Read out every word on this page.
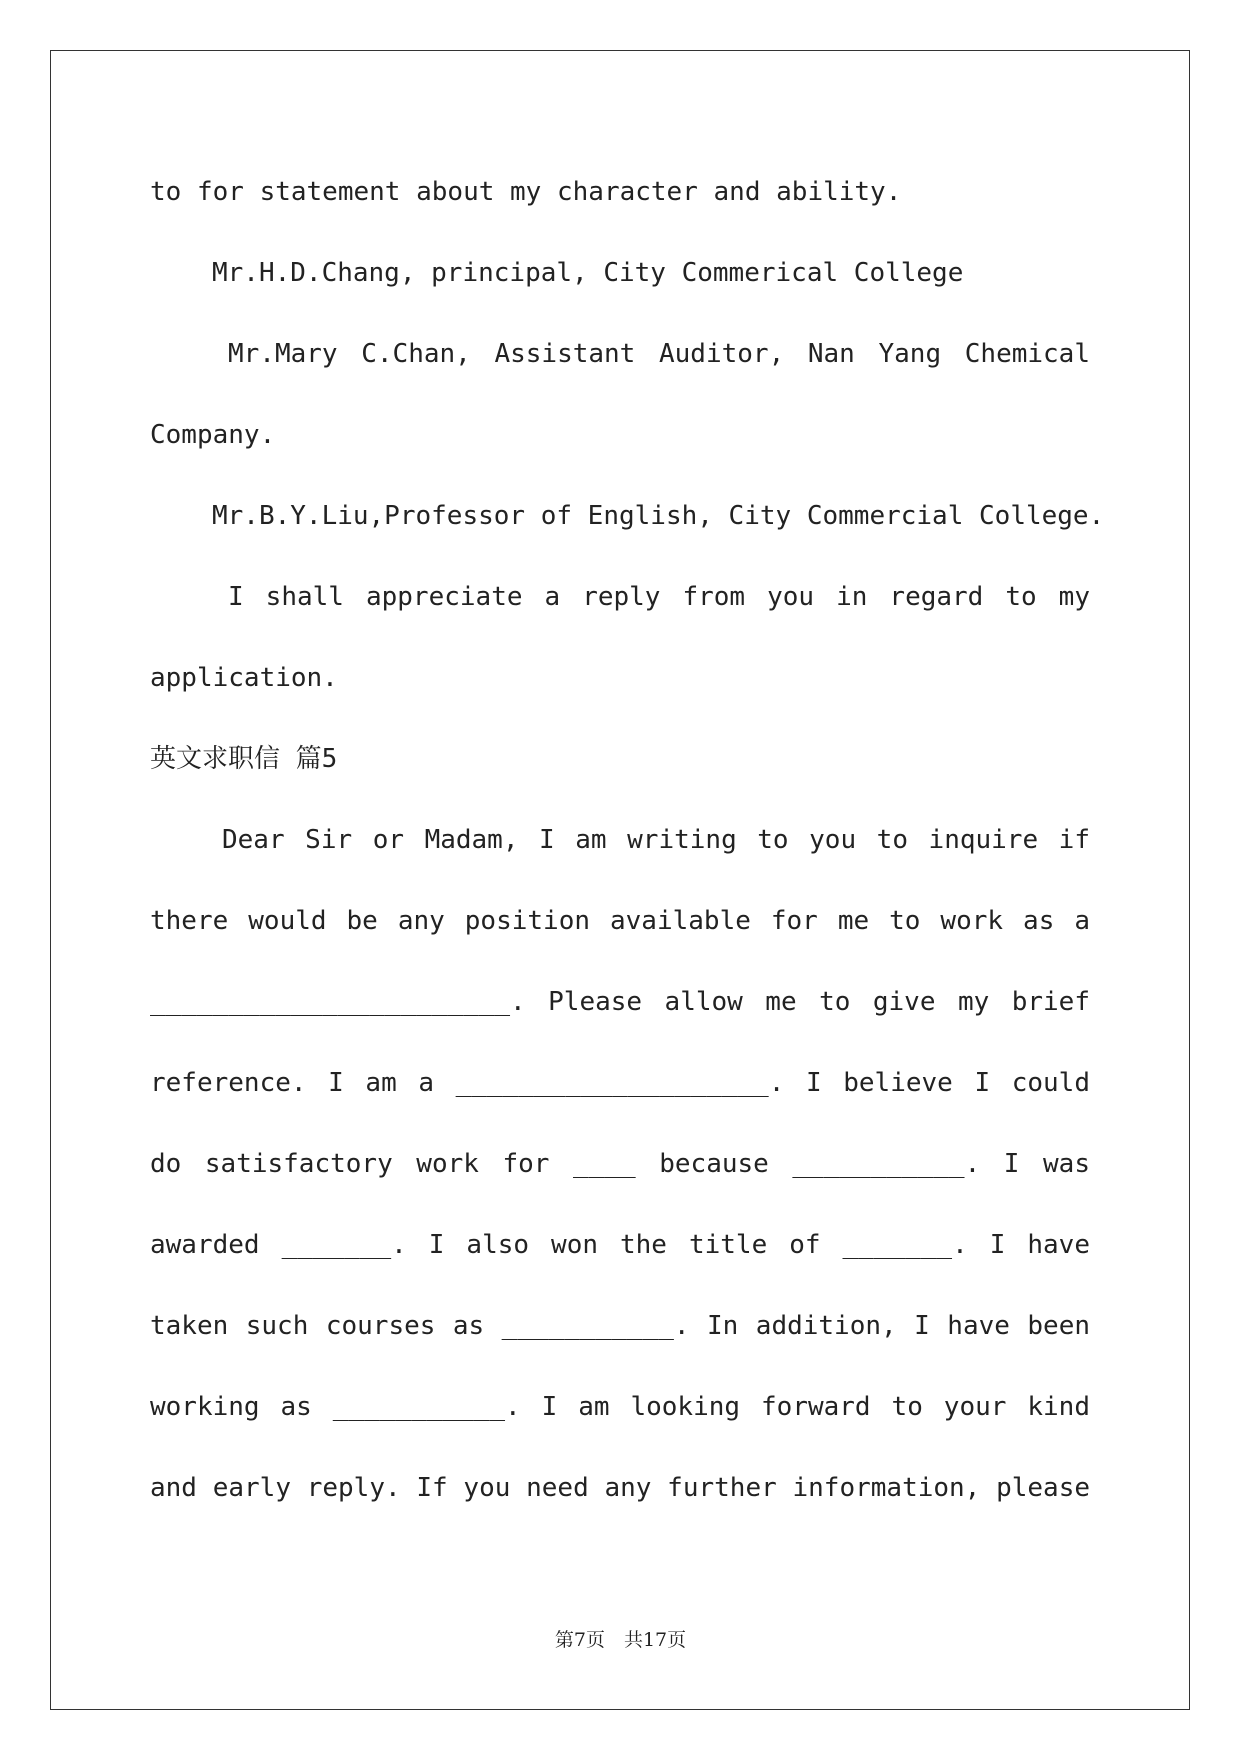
to for statement about my character and ability.
Mr.H.D.Chang, principal, City Commerical College
Mr.Mary C.Chan, Assistant Auditor, Nan Yang Chemical
Company.
Mr.B.Y.Liu,Professor of English, City Commercial College.
I shall appreciate a reply from you in regard to my
application.
英文求职信 篇5
Dear Sir or Madam, I am writing to you to inquire if
there would be any position available for me to work as a
_______________________. Please allow me to give my brief
reference. I am a ____________________. I believe I could
do satisfactory work for ____ because ___________. I was
awarded _______. I also won the title of _______. I have
taken such courses as ___________. In addition, I have been
working as ___________. I am looking forward to your kind
and early reply. If you need any further information, please
第7页　共17页
